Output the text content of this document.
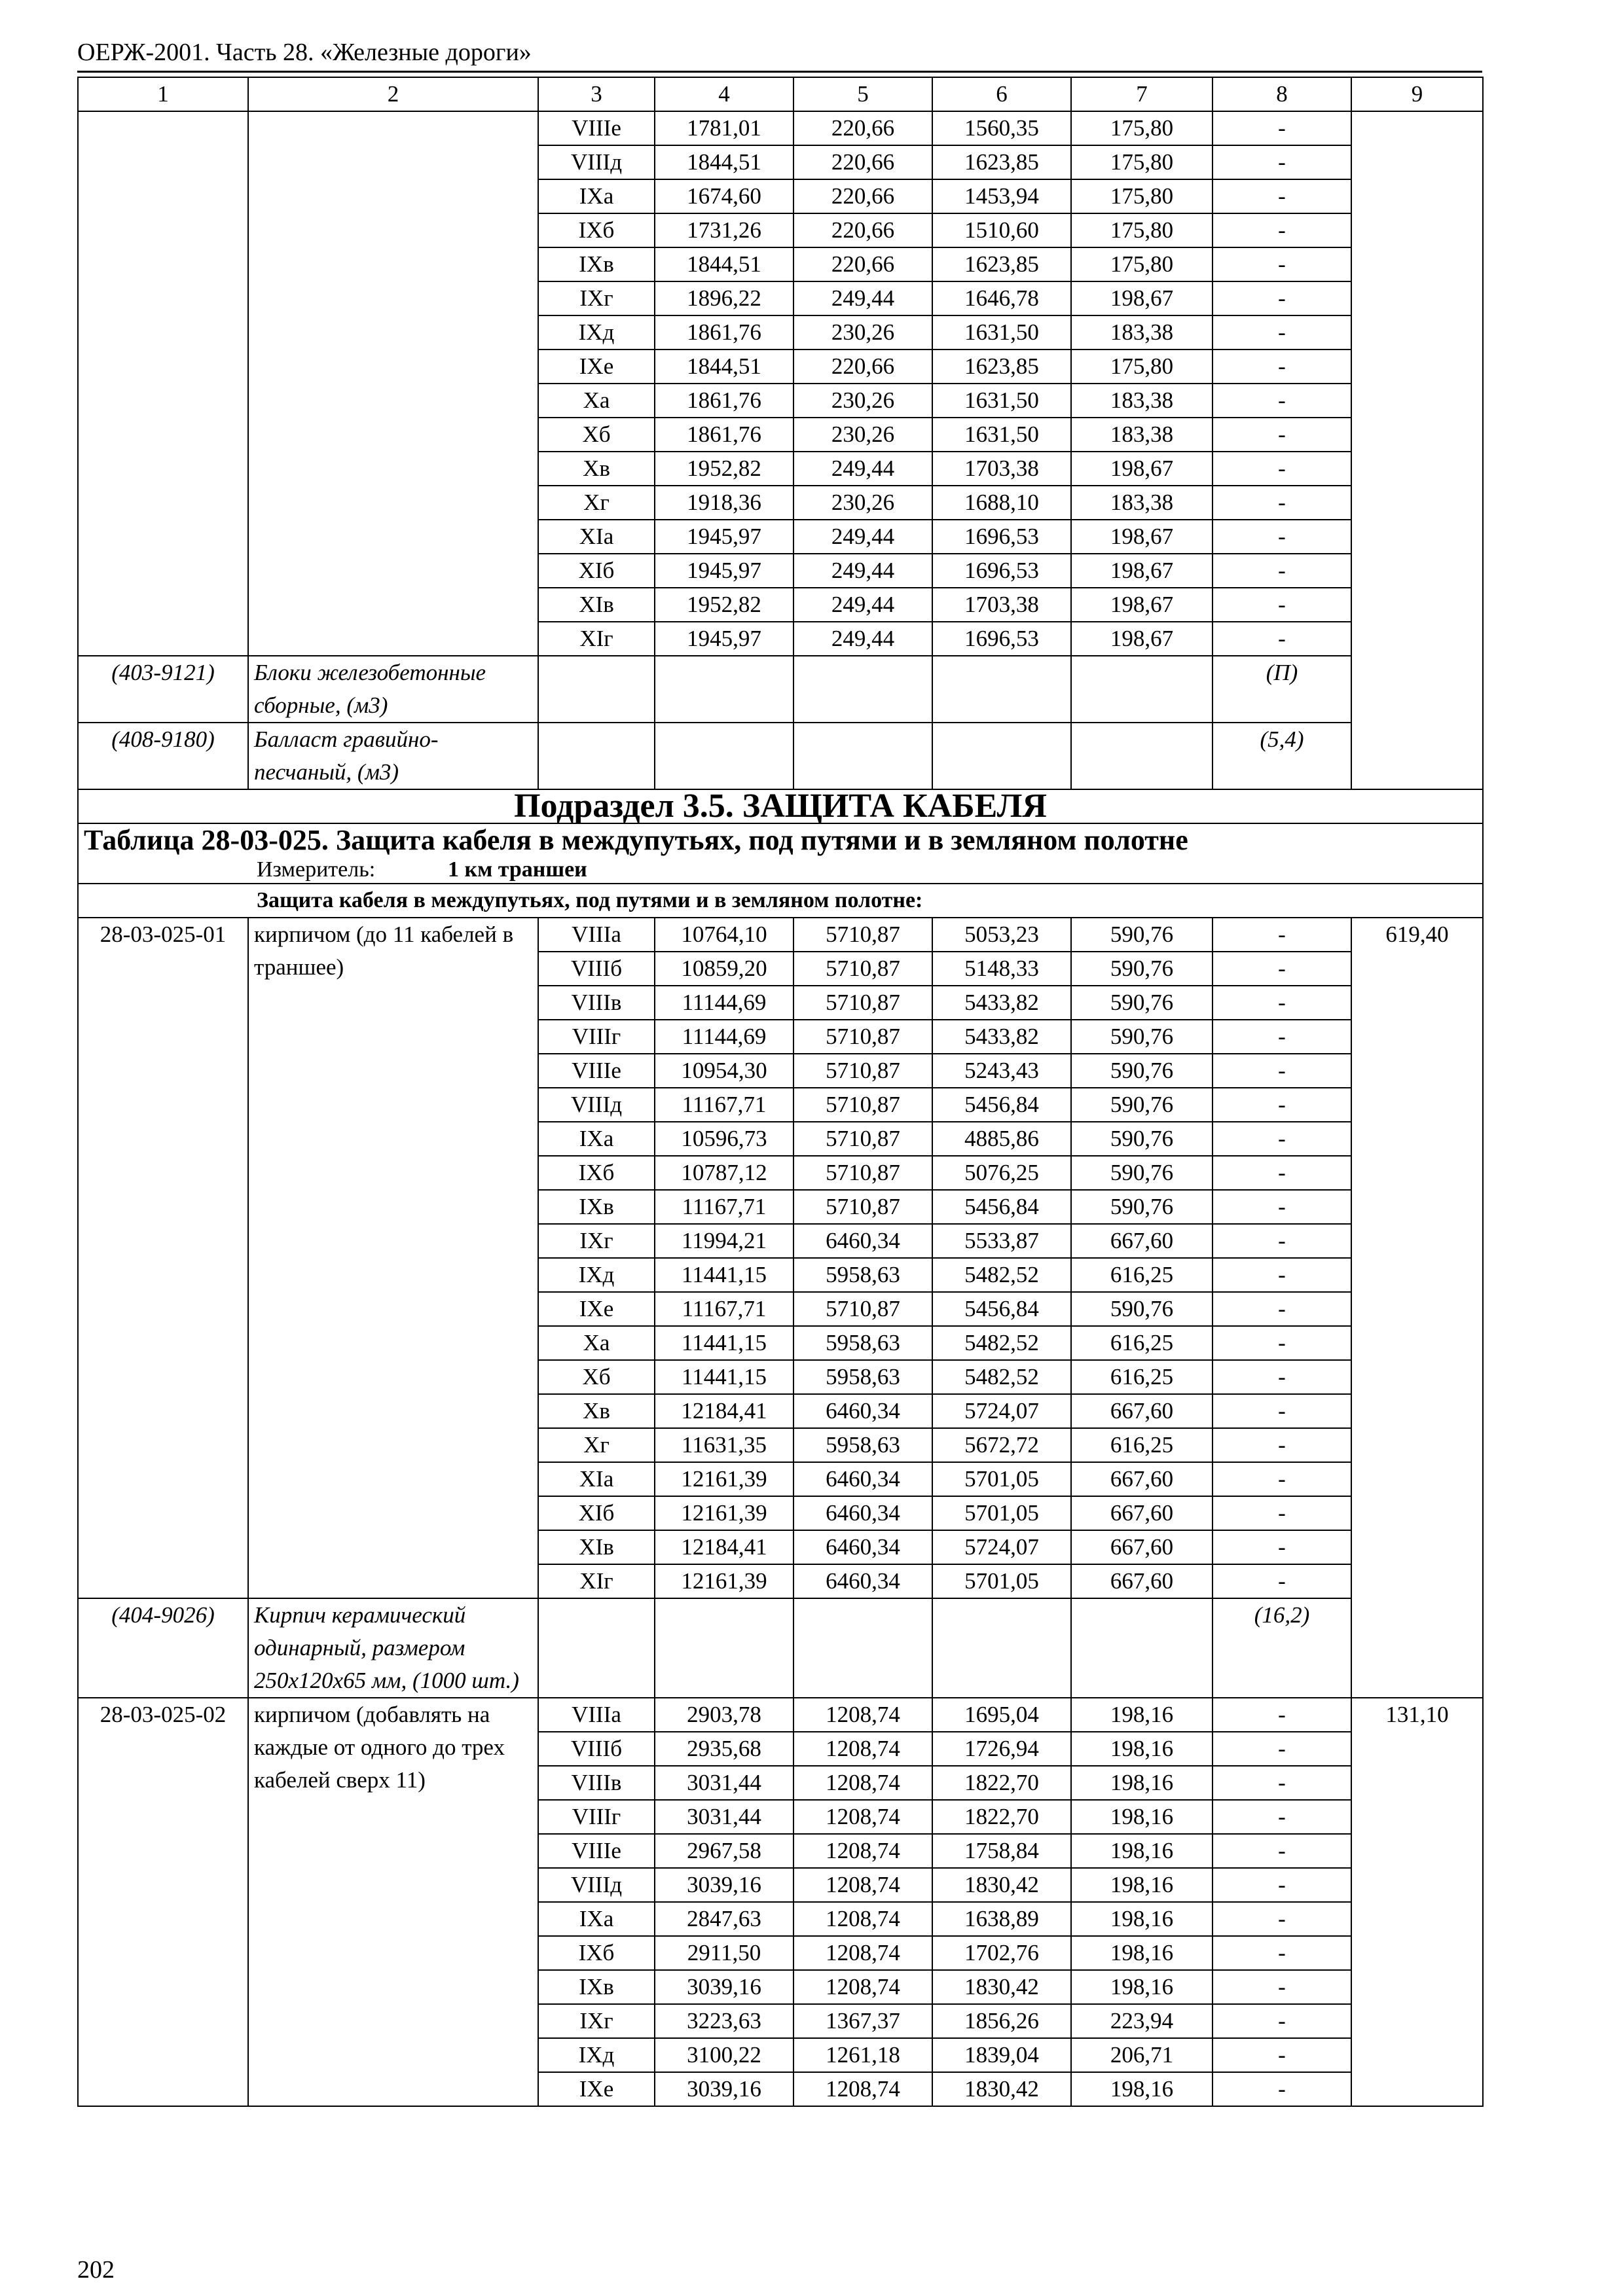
ОЕРЖ-2001. Часть 28. «Железные дороги»
1	2	3	4	5	6	7	8	9
		VIIIе	1781,01	220,66	1560,35	175,80	-	
		VIIIд	1844,51	220,66	1623,85	175,80	-	
		IXа	1674,60	220,66	1453,94	175,80	-	
		IXб	1731,26	220,66	1510,60	175,80	-	
		IXв	1844,51	220,66	1623,85	175,80	-	
		IXг	1896,22	249,44	1646,78	198,67	-	
		IXд	1861,76	230,26	1631,50	183,38	-	
		IXе	1844,51	220,66	1623,85	175,80	-	
		Xа	1861,76	230,26	1631,50	183,38	-	
		Xб	1861,76	230,26	1631,50	183,38	-	
		Xв	1952,82	249,44	1703,38	198,67	-	
		Xг	1918,36	230,26	1688,10	183,38	-	
		XIа	1945,97	249,44	1696,53	198,67	-	
		XIб	1945,97	249,44	1696,53	198,67	-	
		XIв	1952,82	249,44	1703,38	198,67	-	
		XIг	1945,97	249,44	1696,53	198,67	-	
(403-9121)	Блоки железобетонные сборные, (м3)						(П)	
(408-9180)	Балласт гравийно-песчаный, (м3)						(5,4)	
Подраздел 3.5. ЗАЩИТА КАБЕЛЯ								

Таблица 28-03-025. Защита кабеля в междупутьях, под путями и в земляном полотне
Измеритель: 1 км траншеи								

Защита кабеля в междупутьях, под путями и в земляном полотне:								
28-03-025-01	кирпичом (до 11 кабелей в траншее)	VIIIа	10764,10	5710,87	5053,23	590,76	-	619,40
		VIIIб	10859,20	5710,87	5148,33	590,76	-	
		VIIIв	11144,69	5710,87	5433,82	590,76	-	
		VIIIг	11144,69	5710,87	5433,82	590,76	-	
		VIIIе	10954,30	5710,87	5243,43	590,76	-	
		VIIIд	11167,71	5710,87	5456,84	590,76	-	
		IXа	10596,73	5710,87	4885,86	590,76	-	
		IXб	10787,12	5710,87	5076,25	590,76	-	
		IXв	11167,71	5710,87	5456,84	590,76	-	
		IXг	11994,21	6460,34	5533,87	667,60	-	
		IXд	11441,15	5958,63	5482,52	616,25	-	
		IXе	11167,71	5710,87	5456,84	590,76	-	
		Xа	11441,15	5958,63	5482,52	616,25	-	
		Xб	11441,15	5958,63	5482,52	616,25	-	
		Xв	12184,41	6460,34	5724,07	667,60	-	
		Xг	11631,35	5958,63	5672,72	616,25	-	
		XIа	12161,39	6460,34	5701,05	667,60	-	
		XIб	12161,39	6460,34	5701,05	667,60	-	
		XIв	12184,41	6460,34	5724,07	667,60	-	
		XIг	12161,39	6460,34	5701,05	667,60	-	
(404-9026)	Кирпич керамический одинарный, размером 250х120х65 мм, (1000 шт.)						(16,2)	
28-03-025-02	кирпичом (добавлять на каждые от одного до трех кабелей сверх 11)	VIIIа	2903,78	1208,74	1695,04	198,16	-	131,10
		VIIIб	2935,68	1208,74	1726,94	198,16	-	
		VIIIв	3031,44	1208,74	1822,70	198,16	-	
		VIIIг	3031,44	1208,74	1822,70	198,16	-	
		VIIIе	2967,58	1208,74	1758,84	198,16	-	
		VIIIд	3039,16	1208,74	1830,42	198,16	-	
		IXа	2847,63	1208,74	1638,89	198,16	-	
		IXб	2911,50	1208,74	1702,76	198,16	-	
		IXв	3039,16	1208,74	1830,42	198,16	-	
		IXг	3223,63	1367,37	1856,26	223,94	-	
		IXд	3100,22	1261,18	1839,04	206,71	-	
		IXе	3039,16	1208,74	1830,42	198,16	-	
202
